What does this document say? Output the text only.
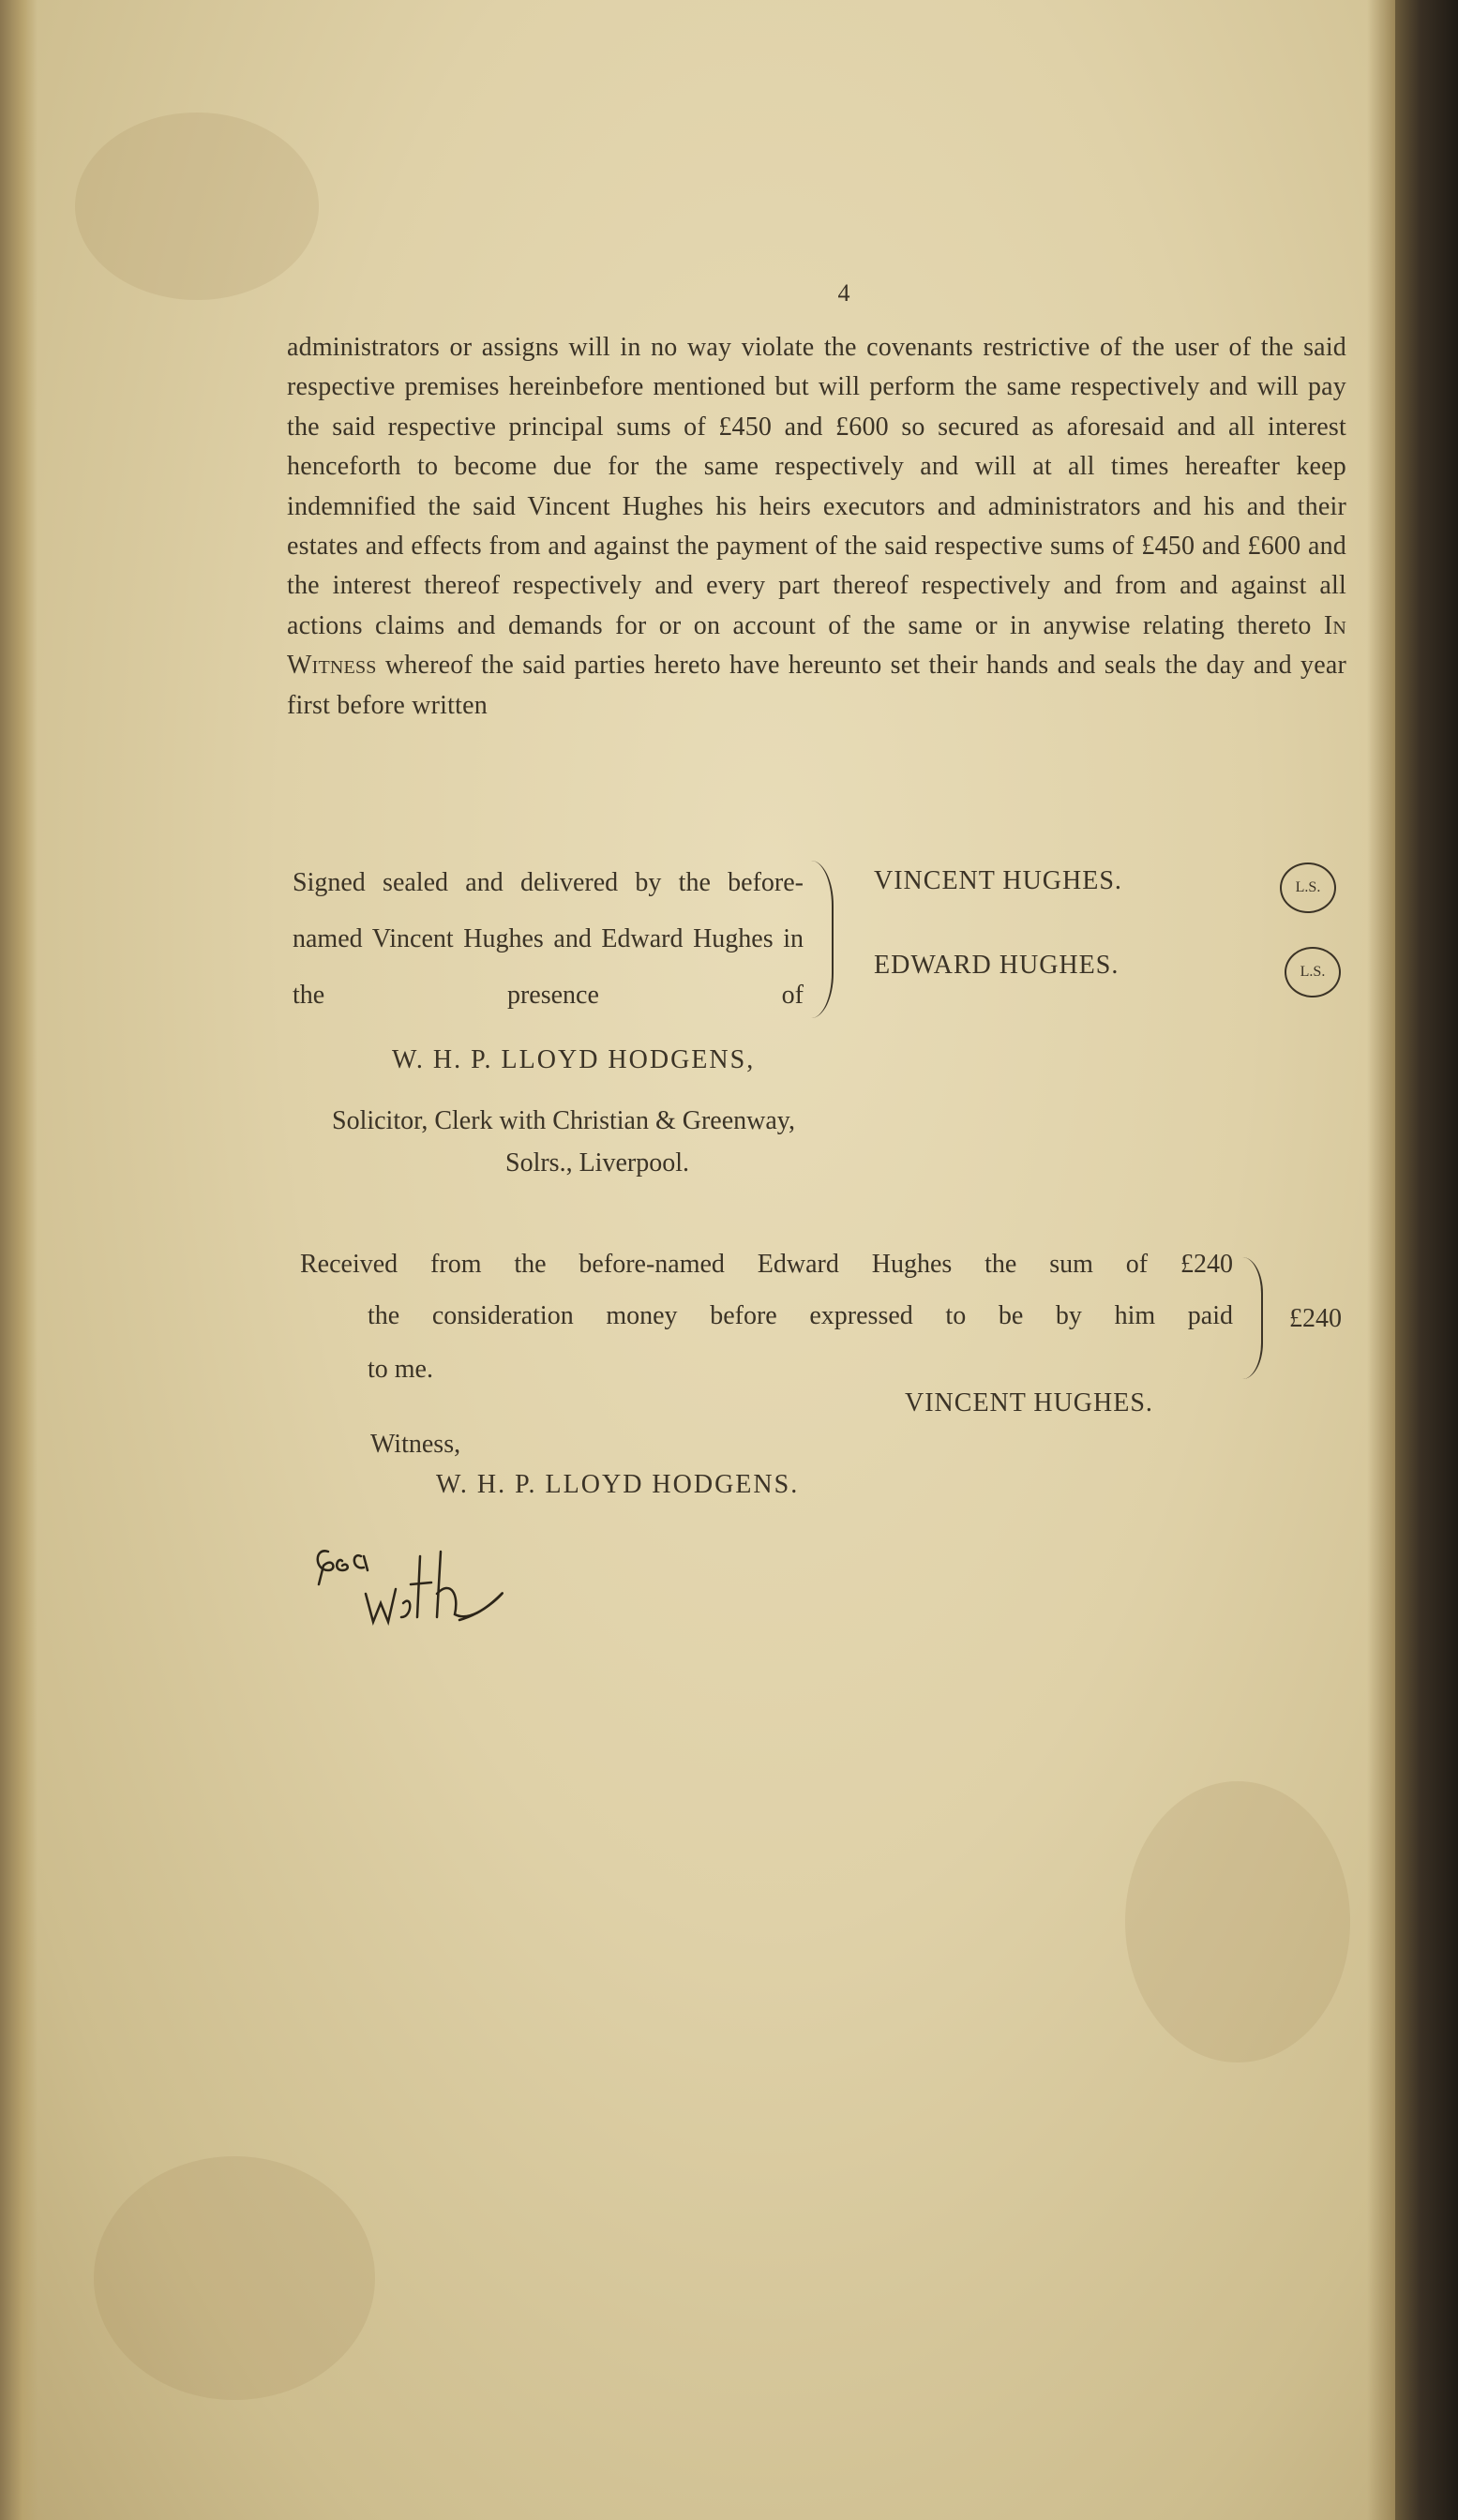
4

administrators or assigns will in no way violate the covenants restrictive of the user of the said respective premises hereinbefore mentioned but will perform the same respectively and will pay the said respective principal sums of £450 and £600 so secured as aforesaid and all interest henceforth to become due for the same respectively and will at all times hereafter keep indemnified the said Vincent Hughes his heirs executors and administrators and his and their estates and effects from and against the payment of the said respective sums of £450 and £600 and the interest thereof respectively and every part thereof respectively and from and against all actions claims and demands for or on account of the same or in anywise relating thereto In Witness whereof the said parties hereto have hereunto set their hands and seals the day and year first before written

Signed sealed and delivered by the before-named Vincent Hughes and Edward Hughes in the presence of
VINCENT HUGHES.	L.S.
EDWARD HUGHES.	L.S.
W. H. P. LLOYD HODGENS,
Solicitor, Clerk with Christian & Greenway,
Solrs., Liverpool.
Received from the before-named Edward Hughes the sum of £240
the consideration money before expressed to be by him paid
to me.
£240
VINCENT HUGHES.
Witness,
W. H. P. LLOYD HODGENS.
